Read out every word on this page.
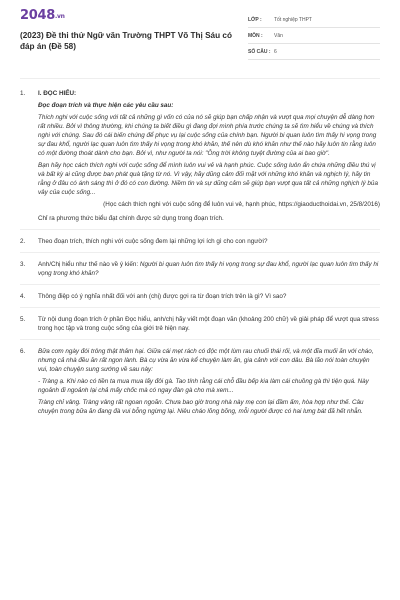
2048.vn
(2023) Đề thi thử Ngữ văn Trường THPT Võ Thị Sáu có đáp án (Đề 58)
LỚP :	Tốt nghiệp THPT
MÔN :	Văn
SỐ CÂU : 6
1.	I. ĐỌC HIỂU:
Đọc đoạn trích và thực hiện các yêu cầu sau:
Thích nghi với cuộc sống với tất cả những gì vốn có của nó sẽ giúp bạn chấp nhận và vượt qua mọi chuyện dễ dàng hơn rất nhiều. Bởi vì thông thường, khi chúng ta biết điều gì đang đợi mình phía trước chúng ta sẽ tìm hiểu về chúng và thích nghi với chúng. Sau đó cái biến chúng để phục vụ lại cuộc sống của chính bạn. Người bi quan luôn tìm thấy hi vọng trong sự đau khổ, người lạc quan luôn tìm thấy hi vọng trong khó khăn, thế nên dù khó khăn như thế nào hãy luôn tin rằng luôn có một đường thoát dành cho bạn. Bởi vì, như người ta nói: "Ông trời không tuyệt đường của ai bao giờ".
Bạn hãy học cách thích nghi với cuộc sống để mình luôn vui vẻ và hạnh phúc. Cuộc sống luôn ẩn chứa những điều thú vị và bất kỳ ai cũng được ban phát quà tặng từ nó. Vì vậy, hãy dũng cảm đối mặt với những khó khăn và nghịch lý, hãy tin rằng ở đâu có ánh sáng thì ở đó có con đường. Niềm tin và sự dũng cảm sẽ giúp bạn vượt qua tất cả những nghịch lý bủa vây của cuộc sống...
(Học cách thích nghi với cuộc sống để luôn vui vẻ, hạnh phúc, https://giaoducthoidai.vn, 25/8/2016)
Chỉ ra phương thức biểu đạt chính được sử dụng trong đoạn trích.
2.	Theo đoạn trích, thích nghi với cuộc sống đem lại những lợi ích gì cho con người?
3.	Anh/Chị hiểu như thế nào về ý kiến: Người bi quan luôn tìm thấy hi vọng trong sự đau khổ, người lạc quan luôn tìm thấy hi vọng trong khó khăn?
4.	Thông điệp có ý nghĩa nhất đối với anh (chị) được gợi ra từ đoạn trích trên là gì? Vì sao?
5.	Từ nội dung đoạn trích ở phần Đọc hiểu, anh/chị hãy viết một đoạn văn (khoảng 200 chữ) về giải pháp để vượt qua stress trong học tập và trong cuộc sống của giới trẻ hiện nay.
6.	Bữa cơm ngày đói trông thật thảm hại. Giữa cái mẹt rách có độc một lùm rau chuối thái rối, và một đĩa muối ăn với cháo, nhưng cả nhà đều ăn rất ngon lành. Bà cụ vừa ăn vừa kể chuyện làm ăn, gia cảnh với con dâu. Bà lão nói toàn chuyện vui, toàn chuyện sung sướng về sau này:
- Tràng ạ. Khi nào có tiền ta mua mua lấy đôi gà. Tao tính rằng cái chỗ đầu bếp kia làm cái chuồng gà thì tiện quá. Này ngoảnh đi ngoảnh lại chả mấy chốc mà có ngay đàn gà cho mà xem...
Tràng chỉ vâng. Tràng vâng rất ngoan ngoãn. Chưa bao giờ trong nhà này mẹ con lại đầm ấm, hòa hợp như thế. Câu chuyện trong bữa ăn đang đà vui bỗng ngừng lại. Niêu cháo lõng bõng, mỗi người được có hai lưng bát đã hết nhẵn.
